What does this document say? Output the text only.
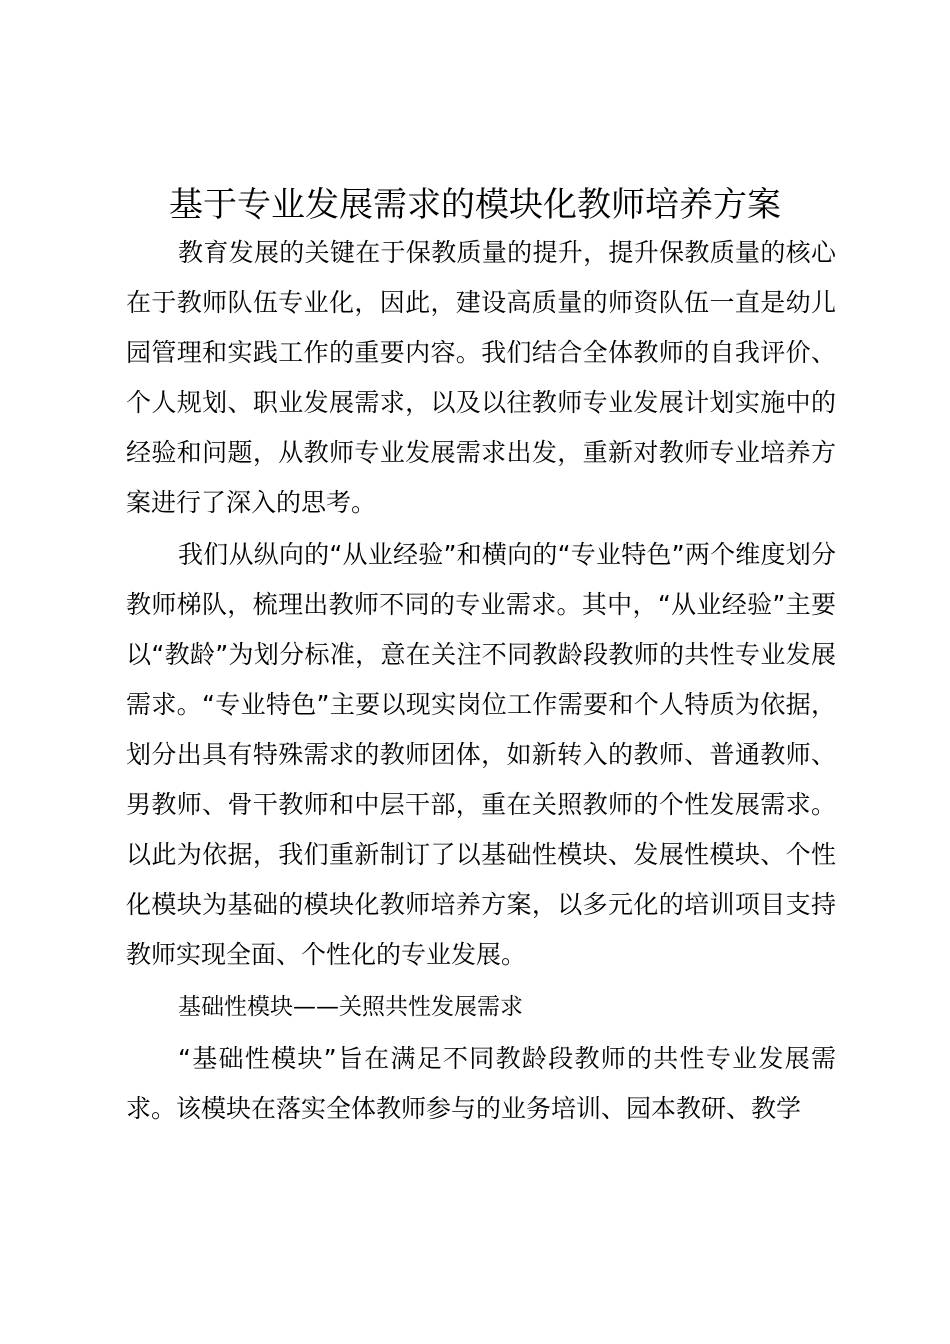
基于专业发展需求的模块化教师培养方案

教育发展的关键在于保教质量的提升，提升保教质量的核心在于教师队伍专业化，因此，建设高质量的师资队伍一直是幼儿园管理和实践工作的重要内容。我们结合全体教师的自我评价、个人规划、职业发展需求，以及以往教师专业发展计划实施中的经验和问题，从教师专业发展需求出发，重新对教师专业培养方案进行了深入的思考。

我们从纵向的“从业经验”和横向的“专业特色”两个维度划分教师梯队，梳理出教师不同的专业需求。其中，“从业经验”主要以“教龄”为划分标准，意在关注不同教龄段教师的共性专业发展需求。“专业特色”主要以现实岗位工作需要和个人特质为依据，划分出具有特殊需求的教师团体，如新转入的教师、普通教师、男教师、骨干教师和中层干部，重在关照教师的个性发展需求。以此为依据，我们重新制订了以基础性模块、发展性模块、个性化模块为基础的模块化教师培养方案，以多元化的培训项目支持教师实现全面、个性化的专业发展。

基础性模块——关照共性发展需求

“基础性模块”旨在满足不同教龄段教师的共性专业发展需求。该模块在落实全体教师参与的业务培训、园本教研、教学
